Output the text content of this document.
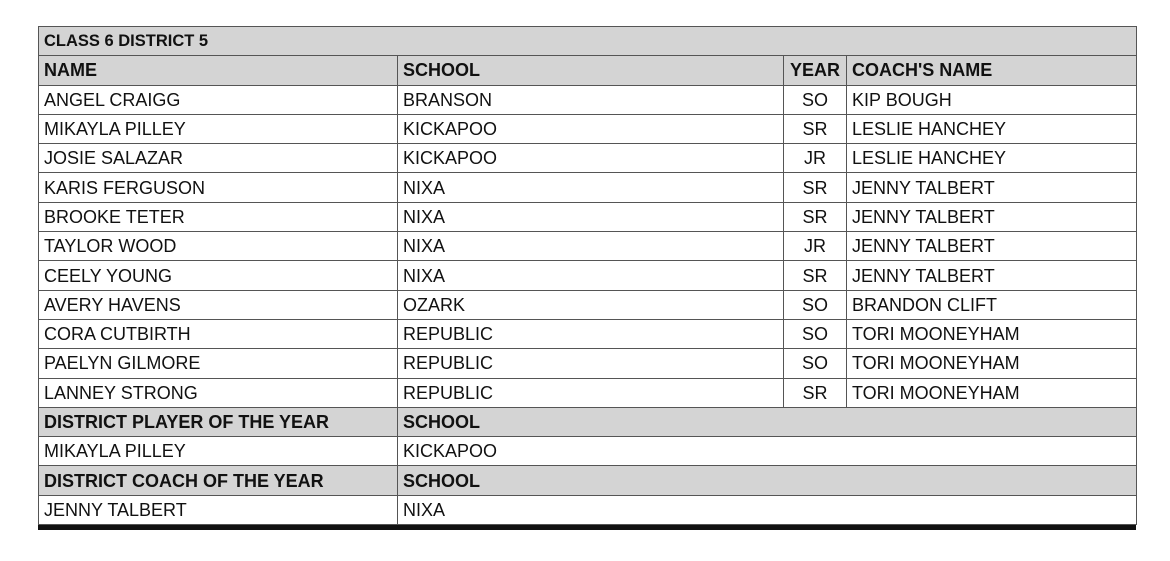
CLASS 6 DISTRICT 5			
NAME	SCHOOL	YEAR	COACH'S NAME
ANGEL CRAIGG	BRANSON	SO	KIP BOUGH
MIKAYLA PILLEY	KICKAPOO	SR	LESLIE HANCHEY
JOSIE SALAZAR	KICKAPOO	JR	LESLIE HANCHEY
KARIS FERGUSON	NIXA	SR	JENNY TALBERT
BROOKE TETER	NIXA	SR	JENNY TALBERT
TAYLOR WOOD	NIXA	JR	JENNY TALBERT
CEELY YOUNG	NIXA	SR	JENNY TALBERT
AVERY HAVENS	OZARK	SO	BRANDON CLIFT
CORA CUTBIRTH	REPUBLIC	SO	TORI MOONEYHAM
PAELYN GILMORE	REPUBLIC	SO	TORI MOONEYHAM
LANNEY STRONG	REPUBLIC	SR	TORI MOONEYHAM
DISTRICT PLAYER OF THE YEAR	SCHOOL		
MIKAYLA PILLEY	KICKAPOO		
DISTRICT COACH OF THE YEAR	SCHOOL		
JENNY TALBERT	NIXA		
